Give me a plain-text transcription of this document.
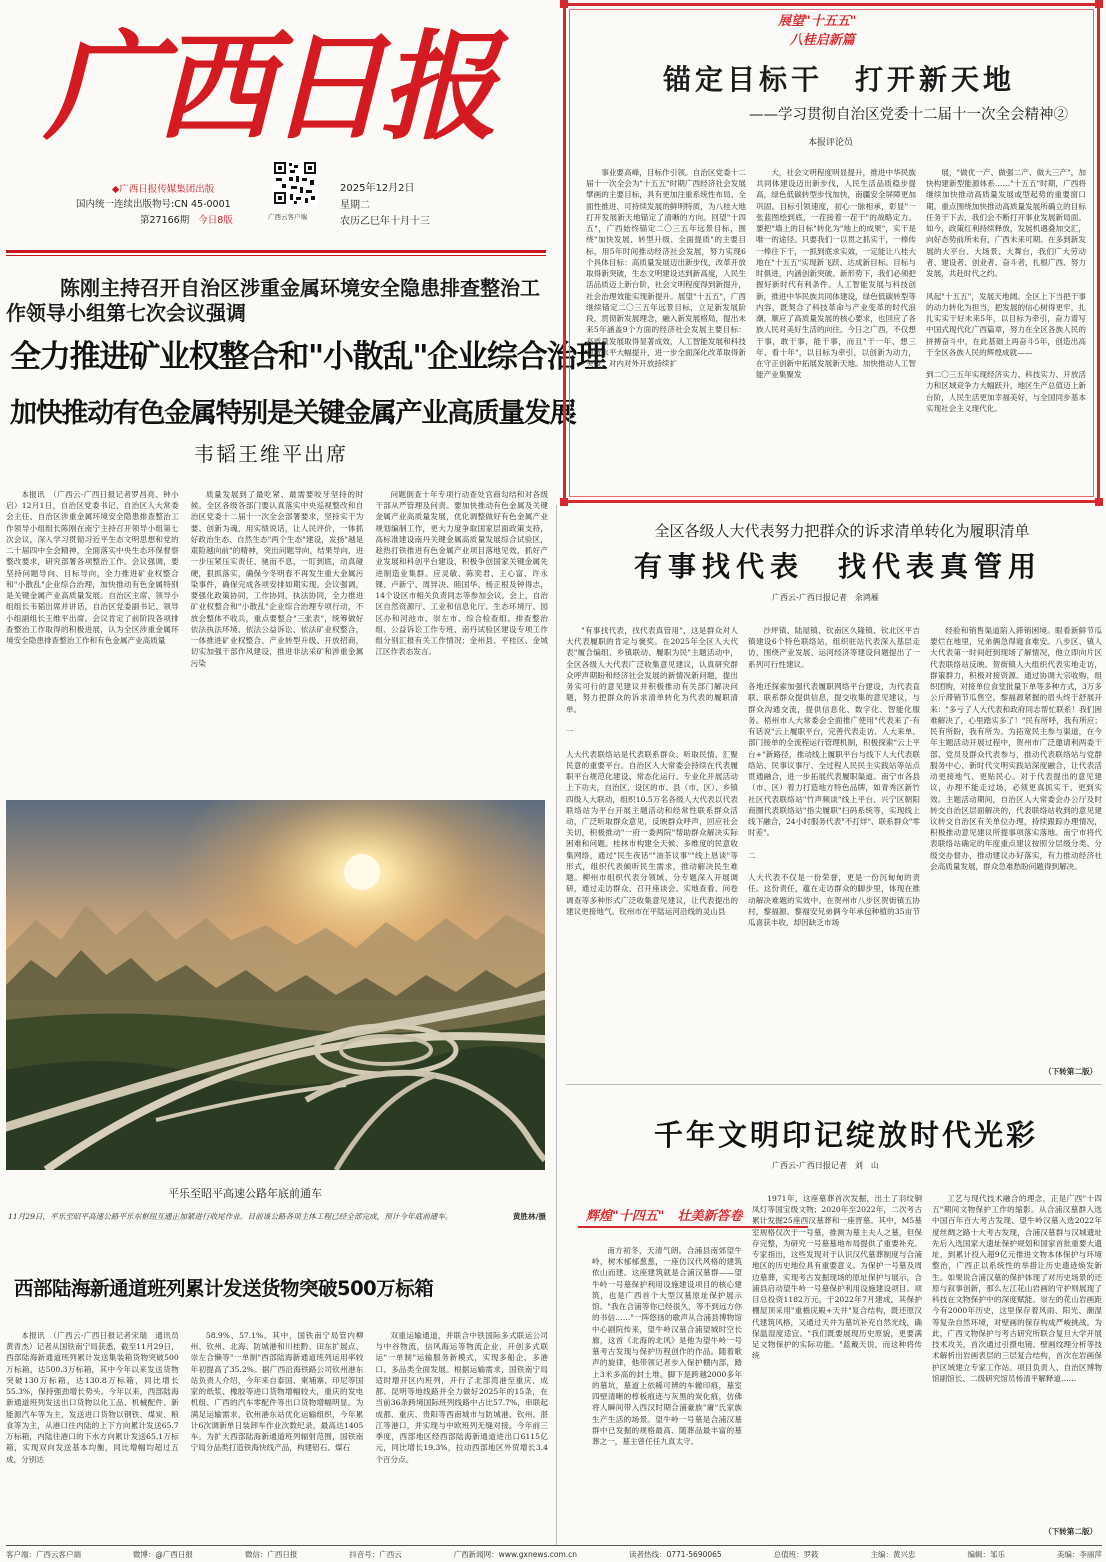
广西日报
◆广西日报传媒集团出版
国内统一连续出版物号:CN 45-0001
第27166期 今日8版	广西云客户端
2025年12月2日
星期二
农历乙巳年十月十三
陈刚主持召开自治区涉重金属环境安全隐患排查整治工作领导小组第七次会议强调
全力推进矿业权整合和"小散乱"企业综合治理
加快推动有色金属特别是关键金属产业高质量发展
韦韬王维平出席

本报讯　（广西云-广西日报记者罗昌亮、钟小启）12月1日，自治区党委书记、自治区人大常委会主任、自治区涉重金属环境安全隐患排查整治工作领导小组组长陈刚在南宁主持召开领导小组第七次会议，深入学习贯彻习近平生态文明思想和党的二十届四中全会精神，全面落实中央生态环保督察整改要求，研究部署各项整治工作。会议强调，要坚持问题导向、目标导向，全力推进矿业权整合和"小散乱"企业综合治理，加快推动有色金属特别是关键金属产业高质量发展。自治区主席、领导小组组长韦韬出席并讲话，自治区党委副书记、领导小组副组长王维平出席。会议肯定了前阶段各项排查整治工作取得的积极进展，认为全区涉重金属环境安全隐患排查整治工作和有色金属产业高质量

质量发展到了最吃紧、最需要咬牙坚持的时候。全区各级各部门要认真落实中央巡视整改和自治区党委十二届十一次全会部署要求，坚持实干为要、创新为魂，用实绩说话，让人民评价，一体抓好政治生态、自然生态"两个生态"建设，发扬"越是艰险越向前"的精神，突出问题导向，结果导向，进一步压紧压实责任、驰而不息，一盯到底，动真碰硬，狠抓落实，确保今冬明春不再发生重大金属污染事件，确保完成各项安排如期实现。会议强调，要强化政策协同，工作协同，执法协同，全力推进矿业权整合和"小散乱"企业综合治理专项行动，不放会整体不收兵，重点要整合"三张表"，统筹做好依法执法环境、依法公益诉讼、依法矿业权整合，一体推进矿业权整合、产业转型升级、开放招商，切实加强干部作风建设，推进非法采矿和涉重金属污染

问题倒查十年专项行动查处官商勾结和对各级干部从严管理及问责。要加快推动有色金属及关键金属产业高质量发展，优化调整做好有色金属产业规划编制工作，更大力度争取国家层面政策支持，高标准建设南丹关键金属高质量发展综合试验区，趁热打铁推进有色金属产业项目落地见效，抓好产业发展和科创平台建设，积极争创国家关键金属先进制造业集群。应灵敏、陈奕君、王心富、许永锞、卢新宁、周异决、睦国华、杨正根及钟得志，14个设区市相关负责同志等参加会议。会上，自治区自然资源厅、工业和信息化厅、生态环境厅、园区办和河池市、崇左市、综合检查组、排查整治组、公益诉讼工作专班、南丹试验区建设专项工作组分别汇报有关工作情况；金州县、平桂区、金城江区作表态发言。

平乐至昭平高速公路年底前通车
11月29日，平乐至昭平高速公路平乐东枢纽互通正加紧进行收尾作业。目前该公路各项主体工程已经全部完成，预计今年底前通车。	黄胜林/摄
西部陆海新通道班列累计发送货物突破500万标箱

本报讯　（广西云-广西日报记者宋瑞　通讯员黄青杰）记者从国铁南宁局获悉，截至11月29日，西部陆海新通道班列累计发送集装箱货物突破500万标箱，达500.3万标箱，其中今年以来发送货物突破130万标箱，达130.8万标箱，同比增长55.3%，保持强劲增长势头。今年以来，西部陆海新通道班列发送出口货物以化工品、机械配件、新能源汽车等为主，发送进口货物以钢铁、煤炭、粮食等为主，从港口往内陆的上下方向累计发送65.7万标箱，内陆往港口的下水方向累计发送65.1万标箱，实现双向发送基本均衡，同比增幅均超过五成，分别达

58.9%、57.1%。其中，国铁南宁局管内柳州、钦州、北海、防城港和川桂黔、田东扩展点、崇左合懒等"一单制"西部陆海新通道班列运用率较年初提高了35.2%。据广西沿海铁路公司钦州港东站负责人介绍，今年来自泰国、柬埔寨、印尼等国家的纸浆、橡胶等进口货物增幅较大，重庆的发电机组、广西的汽车零配件等出口货物增幅明显。为满足运输需求，钦州港东站优化运输组织，今年累计6次调新单日装卸车作业次数纪录，最高达1405车。为扩大西部陆海新通道班列辐射范围，国铁南宁局分品类打造铁海快线产品，构建铝石、煤石

双重运输通道，并联合中铁国际多式联运公司与中谷物流，信风海运等物流企业，开创多式联运"一单制"运输服务新模式，实现多船企、多港口、多品类全面发展。根据运输需求，国铁南宁局适时增开区内班列，开行了北部湾港至重庆、成都、昆明等地线路并全力做好2025年的15条，在当前36条跨境国际班列线路中占比57.7%，串联起成都、重庆、贵阳等西南城市与防城港、钦州、湛江等港口，并实现与中欧班列无缝对接。今年前三季度，西部地区经西部陆海新通道进出口6115亿元，同比增长19.3%，拉动西部地区外贸增长3.4个百分点。

展望"十五五"
八桂启新篇
锚定目标干　打开新天地
——学习贯彻自治区党委十二届十一次全会精神②
本报评论员

事业要高峰，目标作引领。自治区党委十二届十一次全会为"十五五"时期广西经济社会发展擘画的主要目标，具有更加注重系统性布局、全面性推进、可持续发展的鲜明特质，为八桂大地打开发展新天地锚定了清晰的方向。回望"十四五"，广西始终锚定二〇三五年远景目标，围绕"加快发展、转型升级、全面提质"的主要目标，用5年时间推动经济社会发展，努力实现6个具体目标：高质量发展迈出新步伐，改革开放取得新突破，生态文明建设达到新高度，人民生活品质迈上新台阶，社会文明程度得到新提升，社会治理效能实现新提升。展望"十五五"，广西继续锚定二〇三五年远景目标，立足新发展阶段，贯彻新发展理念，融入新发展格局，提出未来5年涵盖9个方面的经济社会发展主要目标：高质量发展取得显著成效，人工智能发展和科技创新水平大幅提升，进一步全面深化改革取得新突破，对内对外开放持续扩

大，社会文明程度明显提升，推进中华民族共同体建设迈出新步伐，人民生活品质稳步提高，绿色低碳转型步伐加快，南疆安全屏障更加巩固。目标引领速度，初心一脉相承，彰显"一张蓝图绘到底，一茬接着一茬干"的战略定力。要把"墙上的目标"转化为"地上的成果"，实干是唯一的途径。只要我们一以贯之抓实干，一棒传一棒往下干，一抓到底求实效，一定能让八桂大地在"十五五"实现新飞跃、达成新目标。目标与时俱进，内涵创新突破。新形势下，我们必须把握好新时代有利条件。人工智能发展与科技创新，推进中华民族共同体建设，绿色低碳转型等内容，既契合了科技革命与产业变革的时代浪潮，顺应了高质量发展的核心要求，也回应了各族人民对美好生活的向往。今日之广西，不仅想干事，敢干事，能干事，而且"干一年、想三年、看十年"，以目标为牵引，以创新为动力，在守正创新中拓展发展新天地。加快推动人工智能产业集聚发

展，"做优一产、做强二产、做大三产"，加快构建新型能源体系……"十五五"时期，广西将继续加快推动高质量发展或型起势的重要窗口期。重点围绕加快推动高质量发展所确立的目标任务干下去，我们会不断打开事业发展新局面。如今，政策红利持续释放，发展机遇叠加交汇，向好态势前所未有，广西未来可期。在多到新发展的大平台、大场景、大舞台，我们广大劳动者、建设者、创业者、奋斗者，扎根广西、努力发展，共赴时代之约。

风起"十五五"，发展天地阔。全区上下当把干事的动力转化为担当，把发展的信心树得更牢，扎扎实实干好未来5年，以目标为牵引，奋力谱写中国式现代化广西篇章，努力在全区各族人民的拼搏奋斗中，在此基础上再奋斗5年，创造出高于全区各族人民的辉煌成就——

到二〇三五年实现经济实力、科技实力、开放活力和区域竞争力大幅跃升，地区生产总值迈上新台阶，人民生活更加幸福美好，与全国同步基本实现社会主义现代化。

全区各级人大代表努力把群众的诉求清单转化为履职清单
有事找代表　找代表真管用
广西云-广西日报记者　余鸿雁

"有事找代表，找代表真管用"，这是群众对人大代表履职的肯定与褒奖。在2025年全区人大代表"履合编组、乡镇联动、履职为民"主题活动中，全区各级人大代表广泛收集意见建议，认真研究群众呼声期盼和经济社会发展的新情况新问题，提出务实可行的意见建议并积极推动有关部门解决问题，努力把群众的诉求清单转化为代表的履职清单。

一

人大代表联络站是代表联系群众、听取民情、汇聚民意的重要平台。自治区人大常委会持续在代表履职平台规范化建设、常态化运行、专业化开展活动上下功夫，自治区、设区的市、县（市、区）、乡镇四级人大联动，组织10.5万名各级人大代表以代表联络站为平台开展主题活动和经常性联系群众活动，广泛听取群众意见，反映群众呼声，回应社会关切，积极推动"一府一委两院"帮助群众解决实际困难和问题。桂林市构建全天候、多维度的民意收集网络，通过"民生夜话""油茶议事""线上恳谈"等形式，组织代表倾听民生需求，推动解决民生难题。柳州市组织代表分领域、分专题深入开展调研，通过走访群众、召开座谈会、实地查看、问卷调查等多种形式广泛收集意见建议，让代表提出的建议更接地气。钦州市在平陆运河沿线的灵山县

沙坪镇、陆屋镇、钦南区久隆镇、钦北区平吉镇建设6个特色联络站，组织驻站代表深入基层走访，围绕产业发展、运河经济等建设问题提出了一系列可行性建议。

各地还探索加强代表履职网络平台建设，为代表直联、联系群众提供信息，提交收集的意见建议，与群众沟通交流，提供信息化、数字化、智能化服务。梧州市人大常委会全面推广使用"代表来了·有有话说"云上履职平台，完善代表走访、人大来单、部门接单的全流程运行管理机制，积极探索"云上平台+"新路径，推动线上履职平台与线下人大代表联络站、民事议事厅、全过程人民民主实践站等站点贯通融合，进一步拓展代表履职渠道。南宁市各县（市、区）着力打造地方特色品牌，如青秀区新竹社区代表联络站"竹声频谈"线上平台、兴宁区朝阳商圈代表联络站"指尖履职"扫码系统等，实现线上线下融合，24小时服务代表"不打烊"、联系群众"零时差"。

二

人大代表不仅是一份荣誉，更是一份沉甸甸的责任。这份责任，蕴在走访群众的脚步里，体现在推动解决难题的实效中。在贺州市八步区贺街镇五协村，黎福源、黎福安兄弟俩今年承包种植的35亩节瓜喜获丰收，却因缺乏市场

经验和销售渠道陷入滞销困境。眼看新鲜节瓜要烂在地里，兄弟俩急得寝食难安。八步区、镇人大代表第一时间赶到现场了解情况，他立即向片区代表联络站反映。贺街镇人大组织代表实地走访，群策群力，积极对接资源。通过协调大宗收购，组织团购，对接单位食堂批量下单等多种方式，3万多公斤滞销节瓜售空。黎福源紧握的眉头终于舒展开来："多亏了人大代表和政府同志帮忙联系！我们困难解决了，心里踏实多了！"民有所呼，我有所应；民有所盼，我有所为。为拓宽民主参与渠道，在今年主题活动开展过程中，贺州市广泛邀请利两委干部、党员及群众代表参与，推动代表联络站与党群服务中心、新时代文明实践站深度融合，让代表活动更接地气、更贴民心。对于代表提出的意见建议，办理不能走过场，必须更真抓实干、更到实效。主题活动期间，自治区人大常委会办公厅及时转交自治区层面解决的，代表联络站收到的意见建议转交自治区有关单位办理，持续跟踪办理情况，积极推动意见建议所提事项落实落地。南宁市将代表联络站确定的年度重点建议按照分层级分类、分级交办督办，推动建议办好落实，有力推动经济社会高质量发展，群众急难愁盼问题得到解决。

（下转第二版）
千年文明印记绽放时代光彩
广西云-广西日报记者　刘　山
辉煌"十四五"　壮美新答卷

南方初冬，天清气朗。合浦县南郊望牛岭，树木郁郁葱葱，一座仿汉代风格的建筑依山而建。这座建筑就是合浦汉墓群——望牛岭一号墓保护利用设施建设项目的核心建筑，也是广西首个大型汉墓原址保护展示馆。"我在合浦等你已经很久，等不到远方你的书信……"一阵悠扬的歌声从合浦县博物馆中心剧院传来，望牛岭汉墓合浦望城时空长廊，这首《北海的北风》是他为望牛岭一号墓考古发现与保护历程创作的作品。随着歌声的旋律，他带领记者步入保护棚内部，踏上3米多高的封土堆。脚下是跨越2000多年的墓坑，墓道上依稀可辨的车辙印痕，墓室四壁清晰的椁板痕迹与灰黑的炭化痕，仿佛将人瞬间带入西汉时期合浦豪族"庸"氏家族生产生活的场景。望牛岭一号墓是合浦汉墓群中已发掘的规格最高、随葬品最丰富的墓葬之一，墓主曾任任九真太守。

1971年，这座墓葬首次发掘，出土了羽纹铜凤灯等国宝级文物；2020年至2022年，二次考古累计发掘25座西汉墓葬和一座晋墓。其中，M5墓室规格仅次于一号墓，推测为墓主夫人之墓，但保存完整，为研究一号墓墓地布局提供了重要补充。专家指出，这些发现对于认识汉代墓葬制度与合浦地区的历史地位具有重要意义。为保护一号墓及周边墓葬，实现考古发掘现场的原址保护与展示，合浦县启动望牛岭一号墓保护利用设施建设项目。项目总投资1182万元，于2022年7月建成。其保护棚屋顶采用"重檐庑殿+天井"复合结构，既还原汉代建筑风格，又通过天井为墓坑补充自然光线，确保温湿度适宜。"我们既要展现历史原貌，更要满足文物保护的实际功能。"蓝戴天说，而这种将传统

工艺与现代技术融合的理念，正是广西"十四五"期间文物保护工作的缩影。从合浦汉墓群入选中国百年百大考古发现、望牛岭汉墓入选2022年度丝绸之路十大考古发现，合浦汉墓群与汉城遗址先后入选国家大遗址保护规划和国家首批重要大遗址，到累计投入超9亿元推进文物本体保护与环境整治，广西正以系统性的举措让历史遗迹焕发新生。如果说合浦汉墓的保护体现了对历史场景的还原与叙事创新，那么左江花山岩画的守护则展现了科技在文物保护中的深度赋能。崇左的花山岩画距今有2000年历史，这里保存着风雨、阳光、潮湿等复杂自然环境，对壁画的保存构成严峻挑战。为此，广西文物保护与考古研究所联合复旦大学开展技术攻关，首次通过引摄电镜、壁画纹理分析等技术解析出岩画表层的三层复合结构，首次在岩画保护区域建立专家工作站。项目负责人、自治区博物馆副馆长、二级研究馆员杨清平解释道……

（下转第二版）
客户端：广西云客户端	微博：@广西日报	微信：广西日报	抖音号：广西云	广西新闻网：www.gxnews.com.cn	读者热线：0771-5690065	总值班：罗筱	主编：黄兴忠	编辑：邹乐	美编：李丽萍
